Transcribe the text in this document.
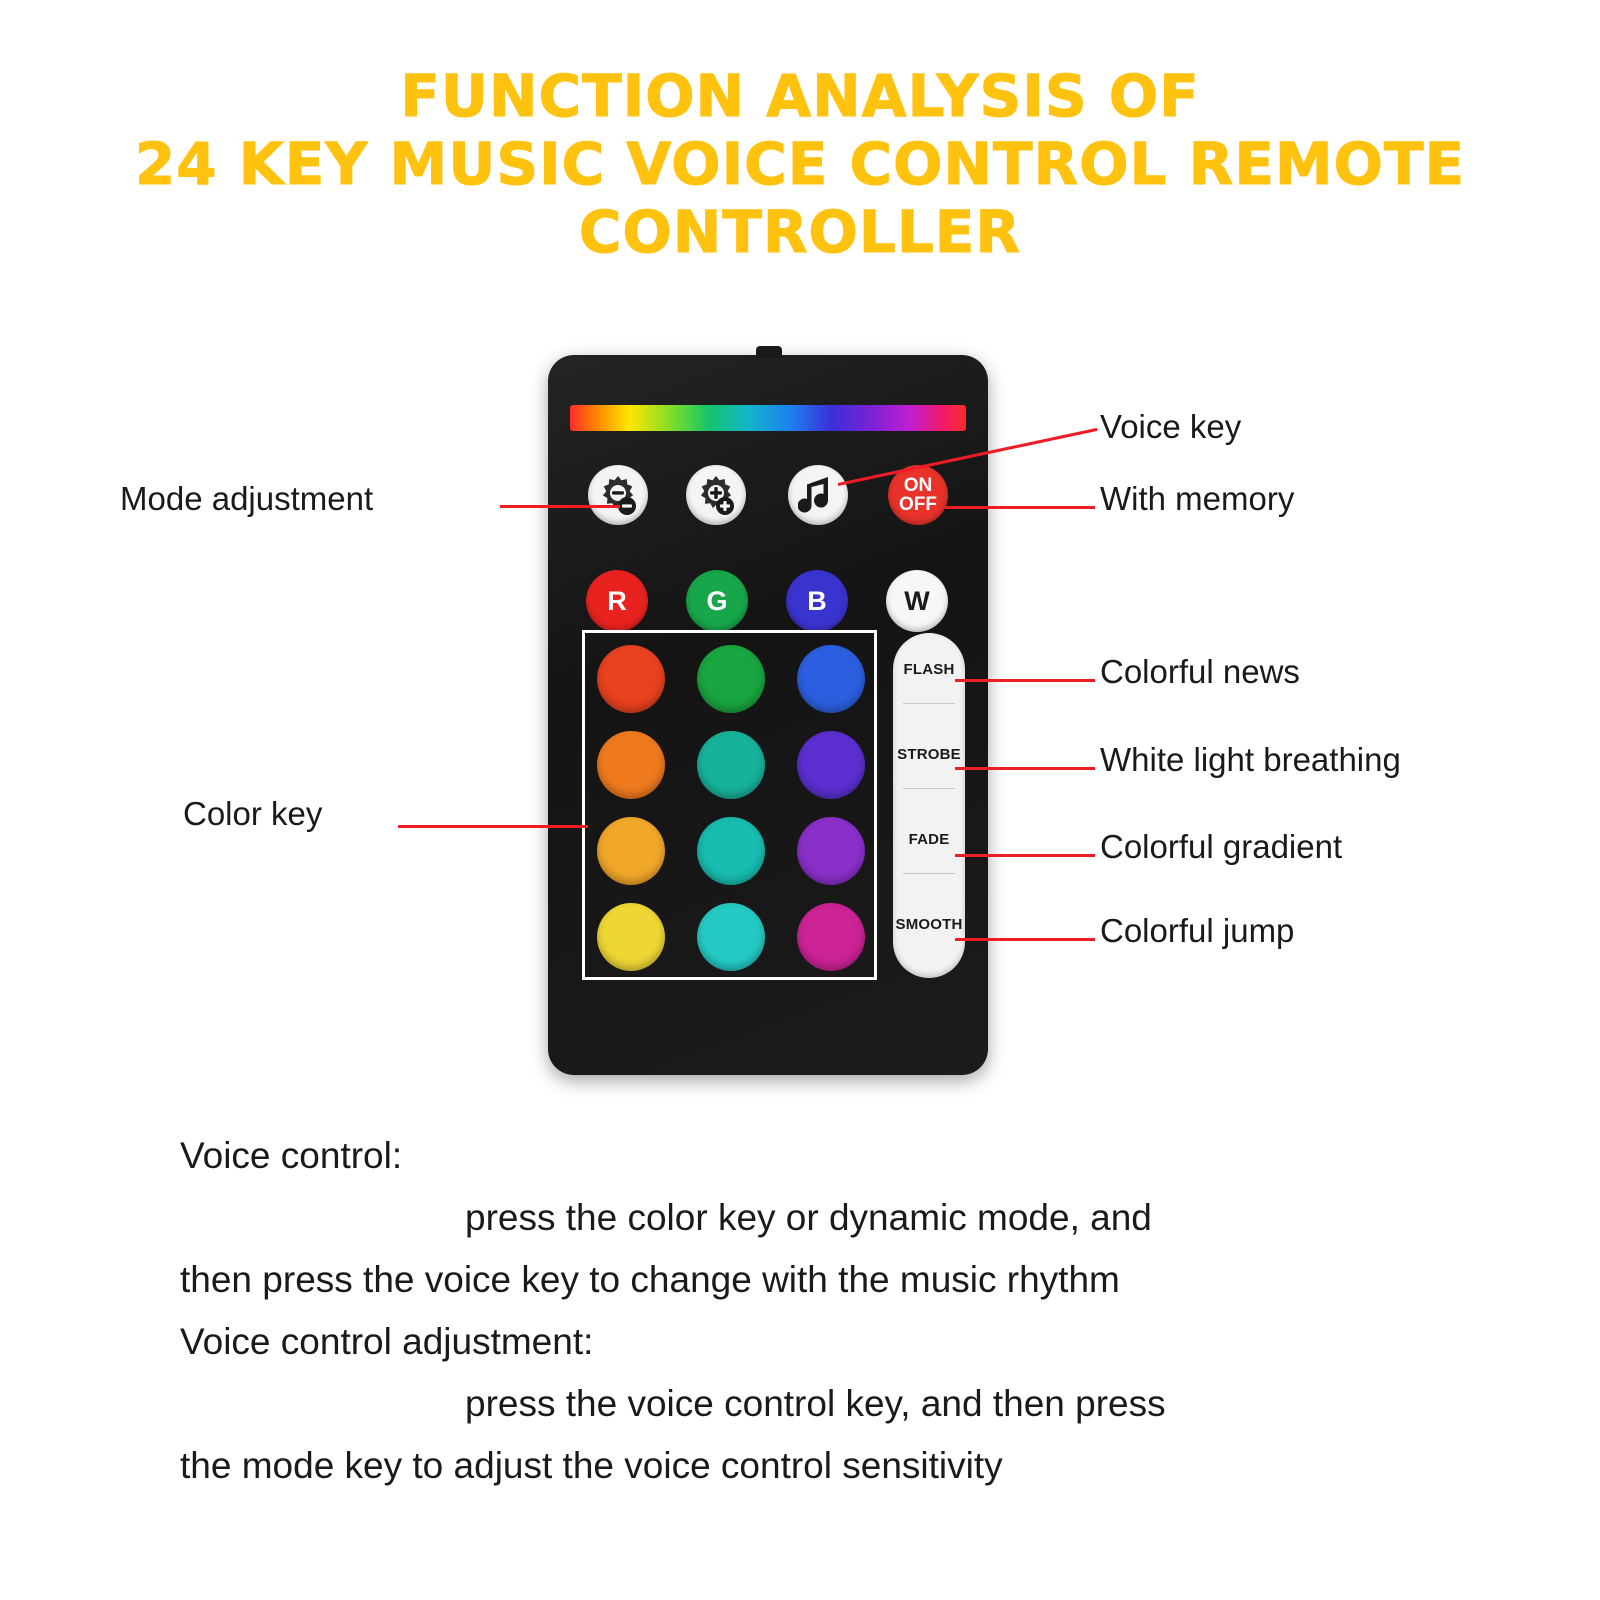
FUNCTION ANALYSIS OF
24 KEY MUSIC VOICE CONTROL REMOTE
CONTROLLER
ON
OFF
R	G	B	W
FLASH
STROBE
FADE
SMOOTH
Mode adjustment
Voice key
With memory
Color key
Colorful news
White light breathing
Colorful gradient
Colorful jump

Voice control:

press the color key or dynamic mode, and

then press the voice key to change with the music rhythm

Voice control adjustment:

press the voice control key, and then press

the mode key to adjust the voice control sensitivity
